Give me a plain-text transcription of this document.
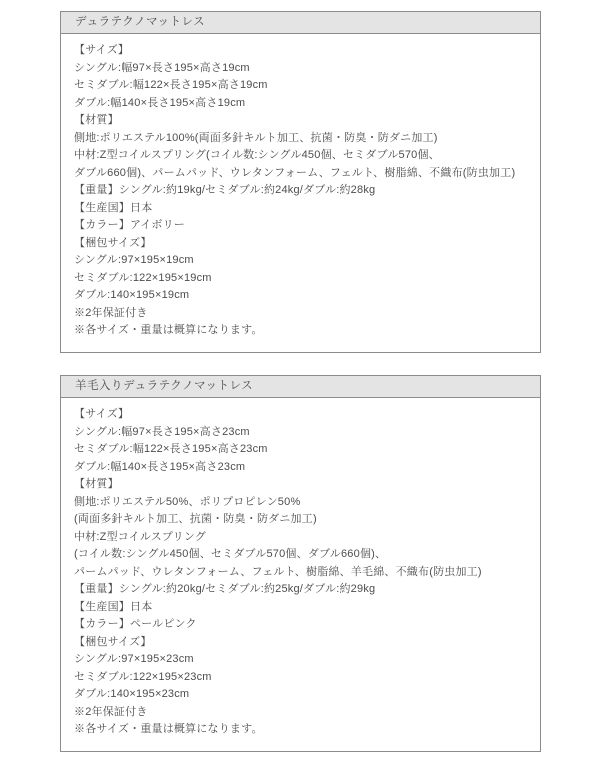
デュラテクノマットレス
【サイズ】
シングル:幅97×長さ195×高さ19cm
セミダブル:幅122×長さ195×高さ19cm
ダブル:幅140×長さ195×高さ19cm
【材質】
側地:ポリエステル100%(両面多針キルト加工、抗菌・防臭・防ダニ加工)
中材:Z型コイルスプリング(コイル数:シングル450個、セミダブル570個、
ダブル660個)、パームパッド、ウレタンフォーム、フェルト、樹脂綿、不織布(防虫加工)
【重量】シングル:約19kg/セミダブル:約24kg/ダブル:約28kg
【生産国】日本
【カラー】アイボリー
【梱包サイズ】
シングル:97×195×19cm
セミダブル:122×195×19cm
ダブル:140×195×19cm
※2年保証付き
※各サイズ・重量は概算になります。
羊毛入りデュラテクノマットレス
【サイズ】
シングル:幅97×長さ195×高さ23cm
セミダブル:幅122×長さ195×高さ23cm
ダブル:幅140×長さ195×高さ23cm
【材質】
側地:ポリエステル50%、ポリプロピレン50%
(両面多針キルト加工、抗菌・防臭・防ダニ加工)
中材:Z型コイルスプリング
(コイル数:シングル450個、セミダブル570個、ダブル660個)、
パームパッド、ウレタンフォーム、フェルト、樹脂綿、羊毛綿、不織布(防虫加工)
【重量】シングル:約20kg/セミダブル:約25kg/ダブル:約29kg
【生産国】日本
【カラー】ペールピンク
【梱包サイズ】
シングル:97×195×23cm
セミダブル:122×195×23cm
ダブル:140×195×23cm
※2年保証付き
※各サイズ・重量は概算になります。
